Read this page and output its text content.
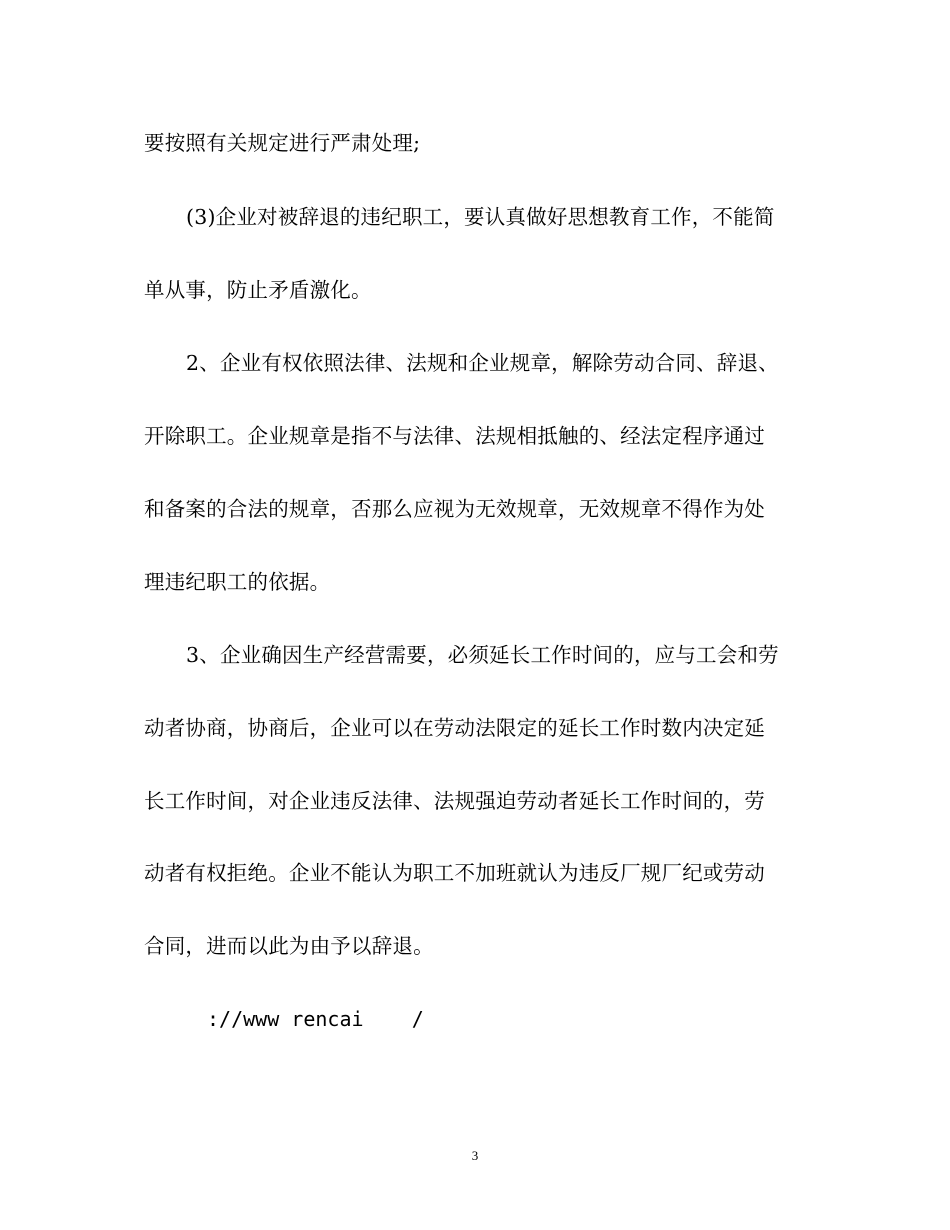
要按照有关规定进行严肃处理;
(3)企业对被辞退的违纪职工，要认真做好思想教育工作，不能简
单从事，防止矛盾激化。
2、企业有权依照法律、法规和企业规章，解除劳动合同、辞退、
开除职工。企业规章是指不与法律、法规相抵触的、经法定程序通过
和备案的合法的规章，否那么应视为无效规章，无效规章不得作为处
理违纪职工的依据。
3、企业确因生产经营需要，必须延长工作时间的，应与工会和劳
动者协商，协商后，企业可以在劳动法限定的延长工作时数内决定延
长工作时间，对企业违反法律、法规强迫劳动者延长工作时间的，劳
动者有权拒绝。企业不能认为职工不加班就认为违反厂规厂纪或劳动
合同，进而以此为由予以辞退。
://www rencai    /
3
